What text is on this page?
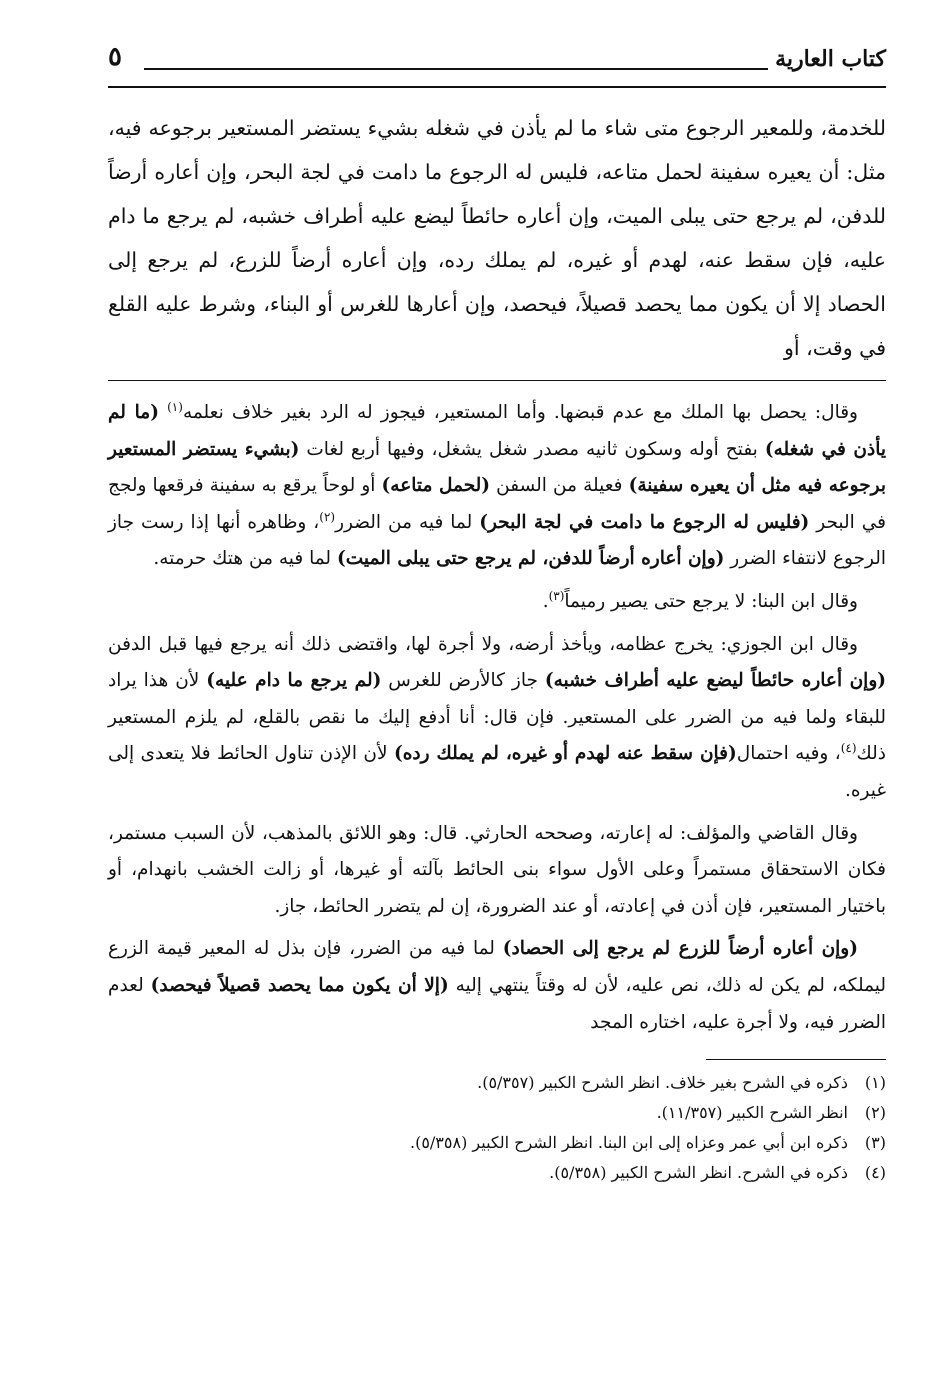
كتاب العارية
٥

للخدمة، وللمعير الرجوع متى شاء ما لم يأذن في شغله بشيء يستضر المستعير برجوعه فيه، مثل: أن يعيره سفينة لحمل متاعه، فليس له الرجوع ما دامت في لجة البحر، وإن أعاره أرضاً للدفن، لم يرجع حتى يبلى الميت، وإن أعاره حائطاً ليضع عليه أطراف خشبه، لم يرجع ما دام عليه، فإن سقط عنه، لهدم أو غيره، لم يملك رده، وإن أعاره أرضاً للزرع، لم يرجع إلى الحصاد إلا أن يكون مما يحصد قصيلاً، فيحصد، وإن أعارها للغرس أو البناء، وشرط عليه القلع في وقت، أو

وقال: يحصل بها الملك مع عدم قبضها. وأما المستعير، فيجوز له الرد بغير خلاف نعلمه$^{(١)}$ (ما لم يأذن في شغله) بفتح أوله وسكون ثانيه مصدر شغل يشغل، وفيها أربع لغات (بشيء يستضر المستعير برجوعه فيه مثل أن يعيره سفينة) فعيلة من السفن (لحمل متاعه) أو لوحاً يرقع به سفينة فرقعها ولجج في البحر (فليس له الرجوع ما دامت في لجة البحر) لما فيه من الضرر$^{(٢)}$، وظاهره أنها إذا رست جاز الرجوع لانتفاء الضرر (وإن أعاره أرضاً للدفن، لم يرجع حتى يبلى الميت) لما فيه من هتك حرمته.

وقال ابن البنا: لا يرجع حتى يصير رميماً$^{(٣)}$.

وقال ابن الجوزي: يخرج عظامه، ويأخذ أرضه، ولا أجرة لها، واقتضى ذلك أنه يرجع فيها قبل الدفن (وإن أعاره حائطاً ليضع عليه أطراف خشبه) جاز كالأرض للغرس (لم يرجع ما دام عليه) لأن هذا يراد للبقاء ولما فيه من الضرر على المستعير. فإن قال: أنا أدفع إليك ما نقص بالقلع، لم يلزم المستعير ذلك$^{(٤)}$، وفيه احتمال(فإن سقط عنه لهدم أو غيره، لم يملك رده) لأن الإذن تناول الحائط فلا يتعدى إلى غيره.

وقال القاضي والمؤلف: له إعارته، وصححه الحارثي. قال: وهو اللائق بالمذهب، لأن السبب مستمر، فكان الاستحقاق مستمراً وعلى الأول سواء بنى الحائط بآلته أو غيرها، أو زالت الخشب بانهدام، أو باختيار المستعير، فإن أذن في إعادته، أو عند الضرورة، إن لم يتضرر الحائط، جاز.

(وإن أعاره أرضاً للزرع لم يرجع إلى الحصاد) لما فيه من الضرر، فإن بذل له المعير قيمة الزرع ليملكه، لم يكن له ذلك، نص عليه، لأن له وقتاً ينتهي إليه (إلا أن يكون مما يحصد قصيلاً فيحصد) لعدم الضرر فيه، ولا أجرة عليه، اختاره المجد

(١)
ذكره في الشرح بغير خلاف. انظر الشرح الكبير (٥/٣٥٧).
(٢)
انظر الشرح الكبير (١١/٣٥٧).
(٣)
ذكره ابن أبي عمر وعزاه إلى ابن البنا. انظر الشرح الكبير (٥/٣٥٨).
(٤)
ذكره في الشرح. انظر الشرح الكبير (٥/٣٥٨).
